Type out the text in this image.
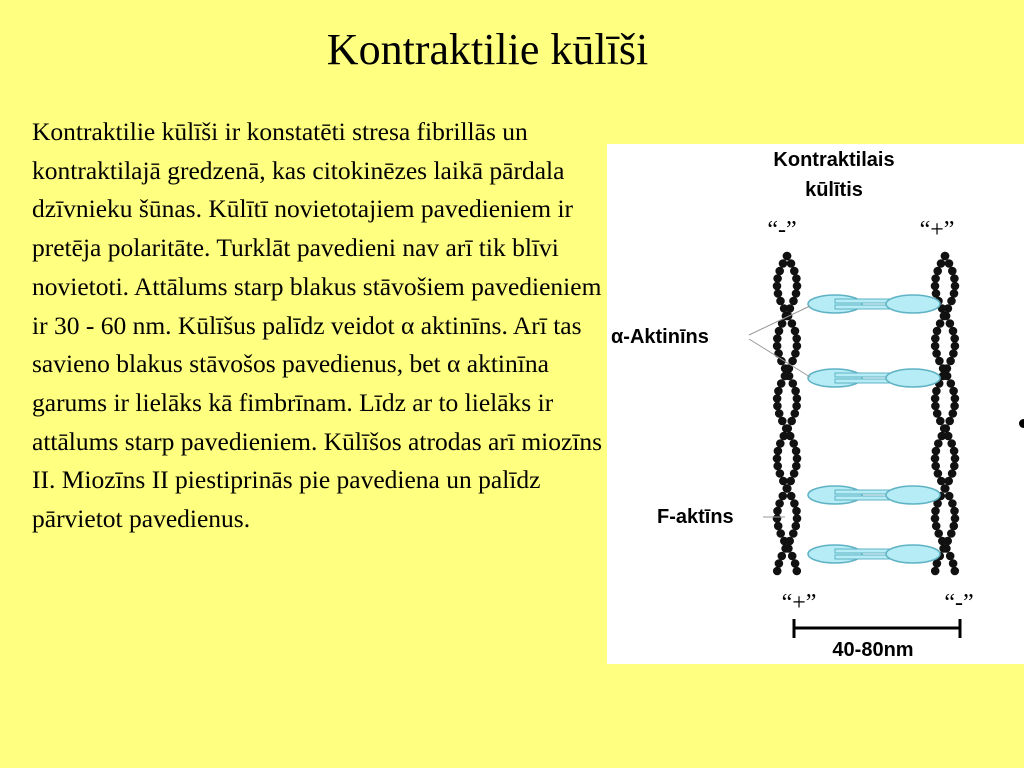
Kontraktilie kūlīši
Kontraktilie kūlīši ir konstatēti stresa fibrillās un kontraktilajā gredzenā, kas citokinēzes laikā pārdala dzīvnieku šūnas. Kūlītī novietotajiem pavedieniem ir pretēja polaritāte. Turklāt pavedieni nav arī tik blīvi novietoti. Attālums starp blakus stāvošiem pavedieniem ir 30 - 60 nm. Kūlīšus palīdz veidot α aktinīns. Arī tas savieno blakus stāvošos pavedienus, bet α aktinīna garums ir lielāks kā fimbrīnam. Līdz ar to lielāks ir attālums starp pavedieniem. Kūlīšos atrodas arī miozīns II. Miozīns II piestiprinās pie pavediena un palīdz pārvietot pavedienus.
Kontraktilais
kūlītis
“-”	“+”
α-Aktinīns
F-aktīns
“+”	“-”
40-80nm
